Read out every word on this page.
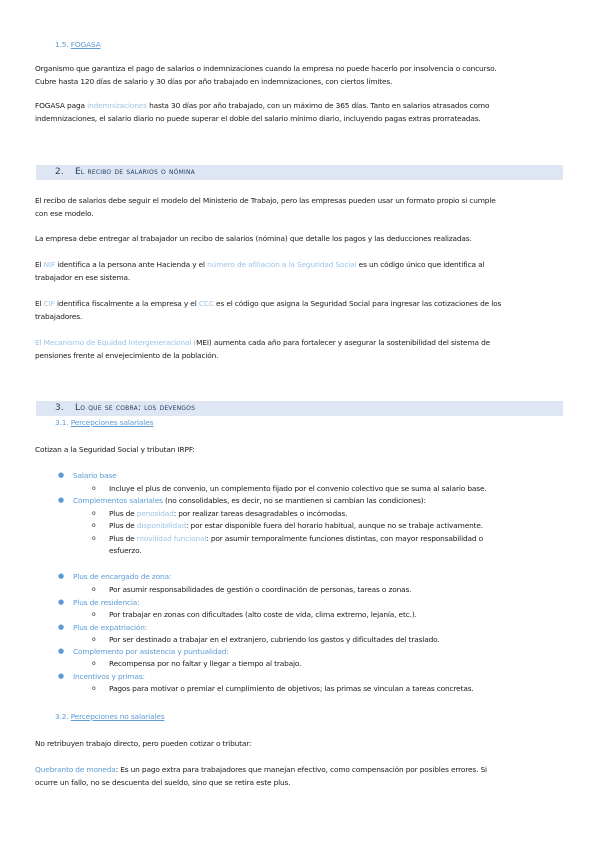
1.5. FOGASA
Organismo que garantiza el pago de salarios o indemnizaciones cuando la empresa no puede hacerlo por insolvencia o concurso.
Cubre hasta 120 días de salario y 30 días por año trabajado en indemnizaciones, con ciertos límites.
FOGASA paga indemnizaciones hasta 30 días por año trabajado, con un máximo de 365 días. Tanto en salarios atrasados como
indemnizaciones, el salario diario no puede superar el doble del salario mínimo diario, incluyendo pagas extras prorrateadas.
2. El recibo de salarios o nómina
El recibo de salarios debe seguir el modelo del Ministerio de Trabajo, pero las empresas pueden usar un formato propio si cumple
con ese modelo.
La empresa debe entregar al trabajador un recibo de salarios (nómina) que detalle los pagos y las deducciones realizadas.
El NIF identifica a la persona ante Hacienda y el número de afiliación a la Seguridad Social es un código único que identifica al
trabajador en ese sistema.
El CIF identifica fiscalmente a la empresa y el CCC es el código que asigna la Seguridad Social para ingresar las cotizaciones de los
trabajadores.
El Mecanismo de Equidad Intergeneracional (MEI) aumenta cada año para fortalecer y asegurar la sostenibilidad del sistema de
pensiones frente al envejecimiento de la población.
3. Lo que se cobra: los devengos
3.1. Percepciones salariales
Cotizan a la Seguridad Social y tributan IRPF:
● Salario base
o Incluye el plus de convenio, un complemento fijado por el convenio colectivo que se suma al salario base.
● Complementos salariales (no consolidables, es decir, no se mantienen si cambian las condiciones):
o Plus de penosidad: por realizar tareas desagradables o incómodas.
o Plus de disponibilidad: por estar disponible fuera del horario habitual, aunque no se trabaje activamente.
o Plus de movilidad funcional: por asumir temporalmente funciones distintas, con mayor responsabilidad o
esfuerzo.
● Plus de encargado de zona:
o Por asumir responsabilidades de gestión o coordinación de personas, tareas o zonas.
● Plus de residencia:
o Por trabajar en zonas con dificultades (alto coste de vida, clima extremo, lejanía, etc.).
● Plus de expatriación:
o Por ser destinado a trabajar en el extranjero, cubriendo los gastos y dificultades del traslado.
● Complemento por asistencia y puntualidad:
o Recompensa por no faltar y llegar a tiempo al trabajo.
● Incentivos y primas:
o Pagos para motivar o premiar el cumplimiento de objetivos; las primas se vinculan a tareas concretas.
3.2. Percepciones no salariales
No retribuyen trabajo directo, pero pueden cotizar o tributar:
Quebranto de moneda: Es un pago extra para trabajadores que manejan efectivo, como compensación por posibles errores. Si
ocurre un fallo, no se descuenta del sueldo, sino que se retira este plus.
